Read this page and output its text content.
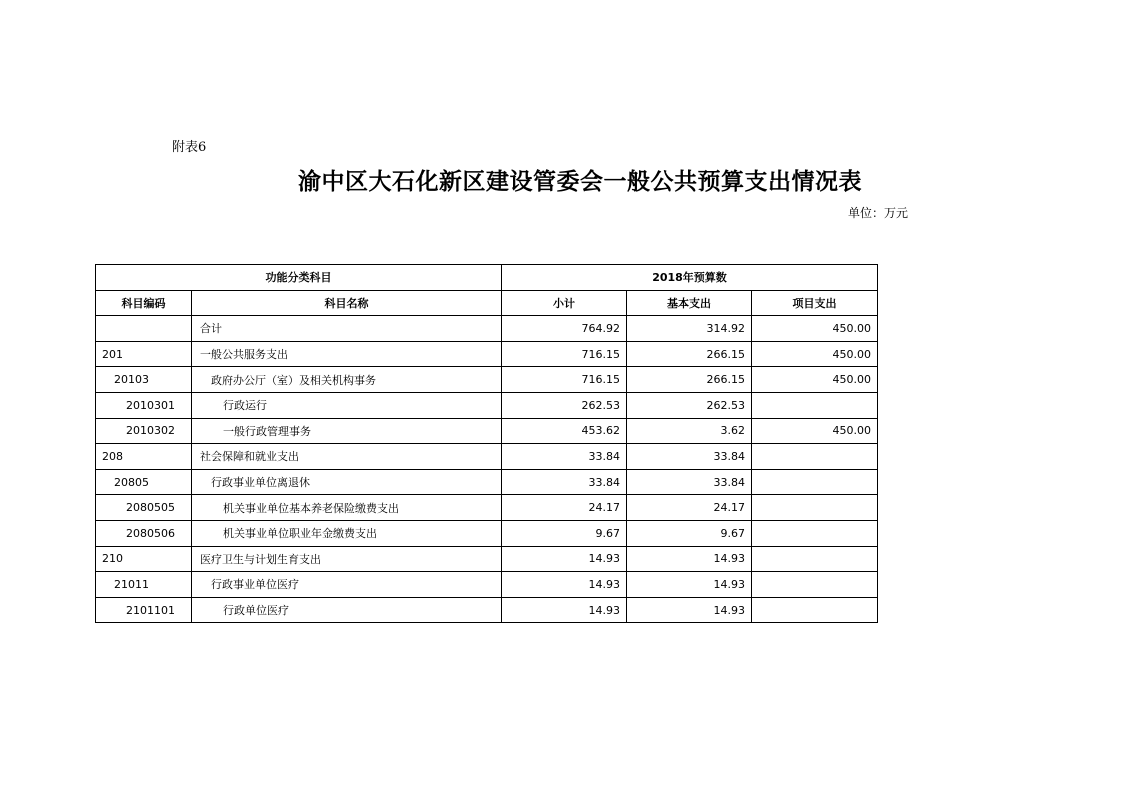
附表6
渝中区大石化新区建设管委会一般公共预算支出情况表
单位：万元
功能分类科目		2018年预算数		
科目编码	科目名称	小计	基本支出	项目支出
	合计	764.92	314.92	450.00
201	一般公共服务支出	716.15	266.15	450.00
20103	政府办公厅（室）及相关机构事务	716.15	266.15	450.00
2010301	行政运行	262.53	262.53	
2010302	一般行政管理事务	453.62	3.62	450.00
208	社会保障和就业支出	33.84	33.84	
20805	行政事业单位离退休	33.84	33.84	
2080505	机关事业单位基本养老保险缴费支出	24.17	24.17	
2080506	机关事业单位职业年金缴费支出	9.67	9.67	
210	医疗卫生与计划生育支出	14.93	14.93	
21011	行政事业单位医疗	14.93	14.93	
2101101	行政单位医疗	14.93	14.93	
